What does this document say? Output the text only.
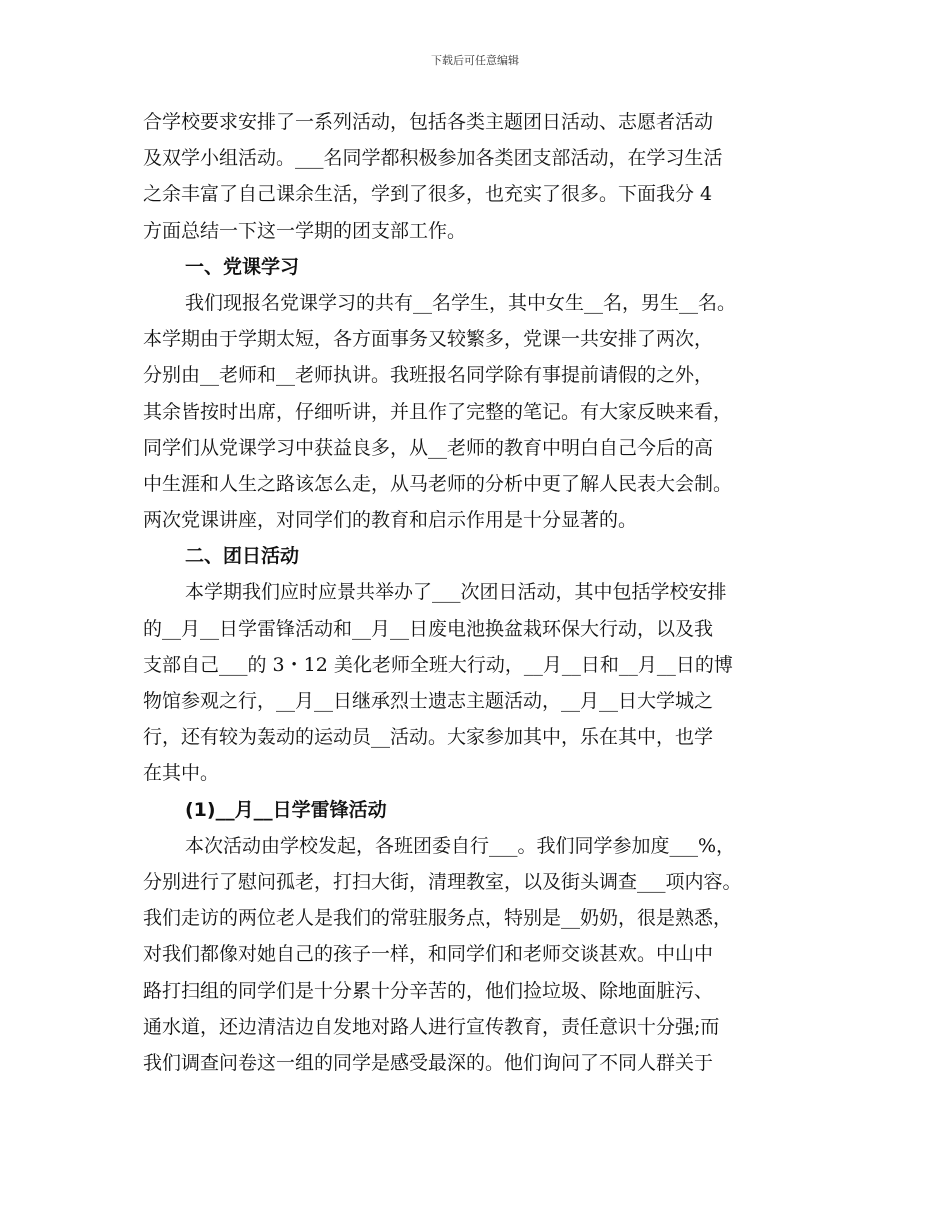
下载后可任意编辑
合学校要求安排了一系列活动，包括各类主题团日活动、志愿者活动
及双学小组活动。___名同学都积极参加各类团支部活动，在学习生活
之余丰富了自己课余生活，学到了很多，也充实了很多。下面我分 4
方面总结一下这一学期的团支部工作。
一、党课学习
我们现报名党课学习的共有__名学生，其中女生__名，男生__名。
本学期由于学期太短，各方面事务又较繁多，党课一共安排了两次，
分别由__老师和__老师执讲。我班报名同学除有事提前请假的之外，
其余皆按时出席，仔细听讲，并且作了完整的笔记。有大家反映来看，
同学们从党课学习中获益良多，从__老师的教育中明白自己今后的高
中生涯和人生之路该怎么走，从马老师的分析中更了解人民表大会制。
两次党课讲座，对同学们的教育和启示作用是十分显著的。
二、团日活动
本学期我们应时应景共举办了___次团日活动，其中包括学校安排
的__月__日学雷锋活动和__月__日废电池换盆栽环保大行动，以及我
支部自己___的 3・12 美化老师全班大行动，__月__日和__月__日的博
物馆参观之行，__月__日继承烈士遗志主题活动，__月__日大学城之
行，还有较为轰动的运动员__活动。大家参加其中，乐在其中，也学
在其中。
(1)__月__日学雷锋活动
本次活动由学校发起，各班团委自行___。我们同学参加度___%，
分别进行了慰问孤老，打扫大街，清理教室，以及街头调查___项内容。
我们走访的两位老人是我们的常驻服务点，特别是__奶奶，很是熟悉，
对我们都像对她自己的孩子一样，和同学们和老师交谈甚欢。中山中
路打扫组的同学们是十分累十分辛苦的，他们捡垃圾、除地面脏污、
通水道，还边清洁边自发地对路人进行宣传教育，责任意识十分强;而
我们调查问卷这一组的同学是感受最深的。他们询问了不同人群关于
